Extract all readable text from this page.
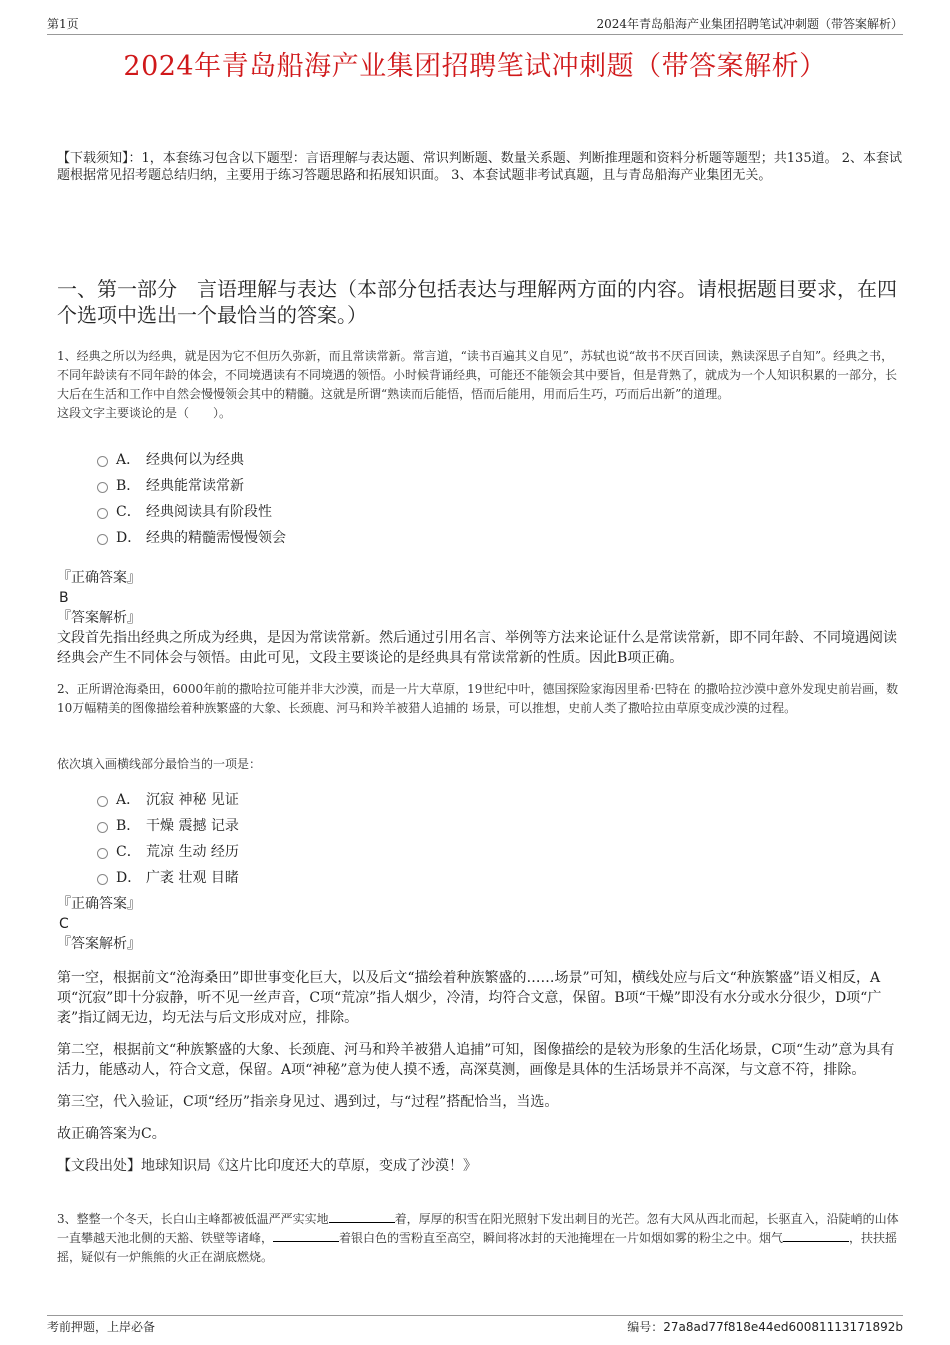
第1页	2024年青岛船海产业集团招聘笔试冲刺题（带答案解析）
2024年青岛船海产业集团招聘笔试冲刺题（带答案解析）
【下载须知】：1，本套练习包含以下题型：言语理解与表达题、常识判断题、数量关系题、判断推理题和资料分析题等题型；共135道。 2、本套试题根据常见招考题总结归纳，主要用于练习答题思路和拓展知识面。 3、本套试题非考试真题，且与青岛船海产业集团无关。
一、第一部分　言语理解与表达（本部分包括表达与理解两方面的内容。请根据题目要求，在四个选项中选出一个最恰当的答案。）
1、经典之所以为经典，就是因为它不但历久弥新，而且常读常新。常言道，“读书百遍其义自见”，苏轼也说“故书不厌百回读，熟读深思子自知”。经典之书，不同年龄读有不同年龄的体会，不同境遇读有不同境遇的领悟。小时候背诵经典，可能还不能领会其中要旨，但是背熟了，就成为一个人知识积累的一部分，长大后在生活和工作中自然会慢慢领会其中的精髓。这就是所谓“熟读而后能悟，悟而后能用，用而后生巧，巧而后出新”的道理。
这段文字主要谈论的是（　　）。
A． 经典何以为经典
B． 经典能常读常新
C． 经典阅读具有阶段性
D． 经典的精髓需慢慢领会
『正确答案』
B
『答案解析』
文段首先指出经典之所成为经典，是因为常读常新。然后通过引用名言、举例等方法来论证什么是常读常新，即不同年龄、不同境遇阅读经典会产生不同体会与领悟。由此可见，文段主要谈论的是经典具有常读常新的性质。因此B项正确。
2、正所谓沧海桑田，6000年前的撒哈拉可能并非大沙漠，而是一片大草原，19世纪中叶，德国探险家海因里希·巴特在 的撒哈拉沙漠中意外发现史前岩画，数10万幅精美的图像描绘着种族繁盛的大象、长颈鹿、河马和羚羊被猎人追捕的 场景，可以推想，史前人类了撒哈拉由草原变成沙漠的过程。
依次填入画横线部分最恰当的一项是：
A． 沉寂 神秘 见证
B． 干燥 震撼 记录
C． 荒凉 生动 经历
D． 广袤 壮观 目睹
『正确答案』
C
『答案解析』

第一空，根据前文“沧海桑田”即世事变化巨大，以及后文“描绘着种族繁盛的……场景”可知，横线处应与后文“种族繁盛”语义相反，A项“沉寂”即十分寂静，听不见一丝声音，C项“荒凉”指人烟少，冷清，均符合文意，保留。B项“干燥”即没有水分或水分很少，D项“广袤”指辽阔无边，均无法与后文形成对应，排除。

第二空，根据前文“种族繁盛的大象、长颈鹿、河马和羚羊被猎人追捕”可知，图像描绘的是较为形象的生活化场景，C项“生动”意为具有活力，能感动人，符合文意，保留。A项“神秘”意为使人摸不透，高深莫测，画像是具体的生活场景并不高深，与文意不符，排除。

第三空，代入验证，C项“经历”指亲身见过、遇到过，与“过程”搭配恰当，当选。

故正确答案为C。

【文段出处】地球知识局《这片比印度还大的草原，变成了沙漠！》

3、整整一个冬天，长白山主峰都被低温严严实实地	着，厚厚的积雪在阳光照射下发出刺目的光芒。忽有大风从西北而起，长驱直入，沿陡峭的山体一直攀越天池北侧的天豁、铁壁等诸峰，	着银白色的雪粉直至高空，瞬间将冰封的天池掩埋在一片如烟如雾的粉尘之中。烟气	，扶扶摇摇，疑似有一炉熊熊的火正在湖底燃烧。
考前押题，上岸必备	编号：27a8ad77f818e44ed60081113171892b
